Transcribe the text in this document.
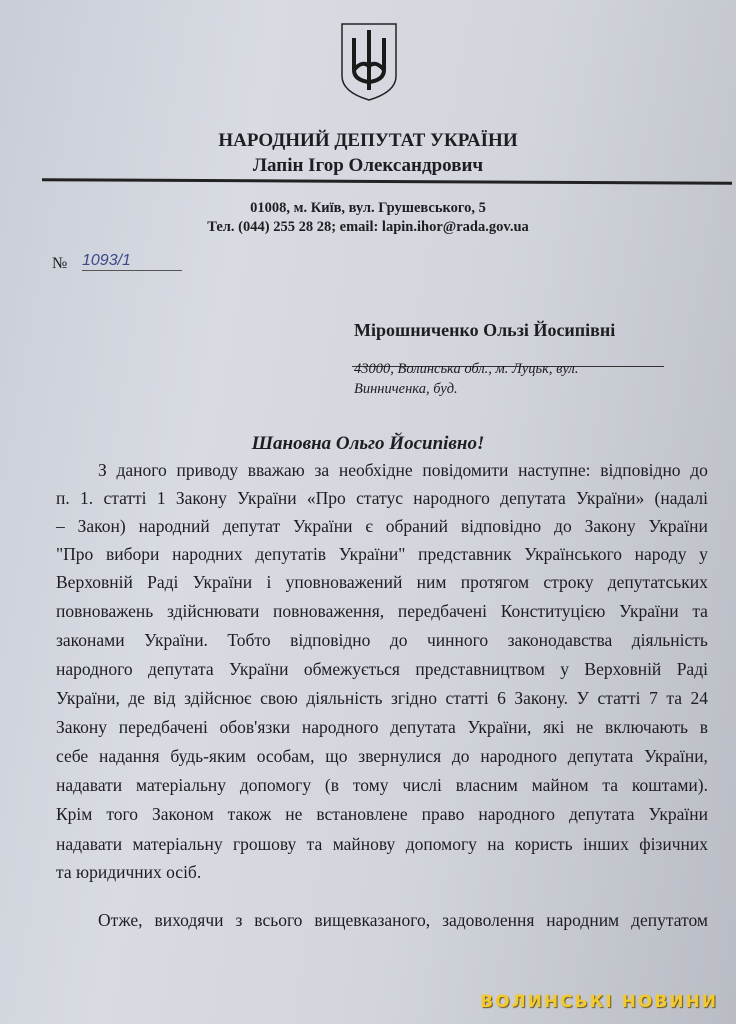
НАРОДНИЙ ДЕПУТАТ УКРАЇНИ
Лапін Ігор Олександрович
01008, м. Київ, вул. Грушевського, 5
Тел. (044) 255 28 28; email: lapin.ihor@rada.gov.ua
№ 1093/1
Мірошниченко Ользі Йосипівні
43000, Волинська обл., м. Луцьк, вул.
Винниченка, буд.
Шановна Ольго Йосипівно!
З даного приводу вважаю за необхідне повідомити наступне: відповідно до
п. 1. статті 1 Закону України «Про статус народного депутата України» (надалі
– Закон) народний депутат України є обраний відповідно до Закону України
"Про вибори народних депутатів України" представник Українського народу у
Верховній Раді України і уповноважений ним протягом строку депутатських
повноважень здійснювати повноваження, передбачені Конституцією України та
законами України. Тобто відповідно до чинного законодавства діяльність
народного депутата України обмежується представництвом у Верховній Раді
України, де від здійснює свою діяльність згідно статті 6 Закону. У статті 7 та 24
Закону передбачені обов'язки народного депутата України, які не включають в
себе надання будь-яким особам, що звернулися до народного депутата України,
надавати матеріальну допомогу (в тому числі власним майном та коштами).
Крім того Законом також не встановлене право народного депутата України
надавати матеріальну грошову та майнову допомогу на користь інших фізичних
та юридичних осіб.
Отже, виходячи з всього вищевказаного, задоволення народним депутатом
ВОЛИНСЬКІ НОВИНИ
